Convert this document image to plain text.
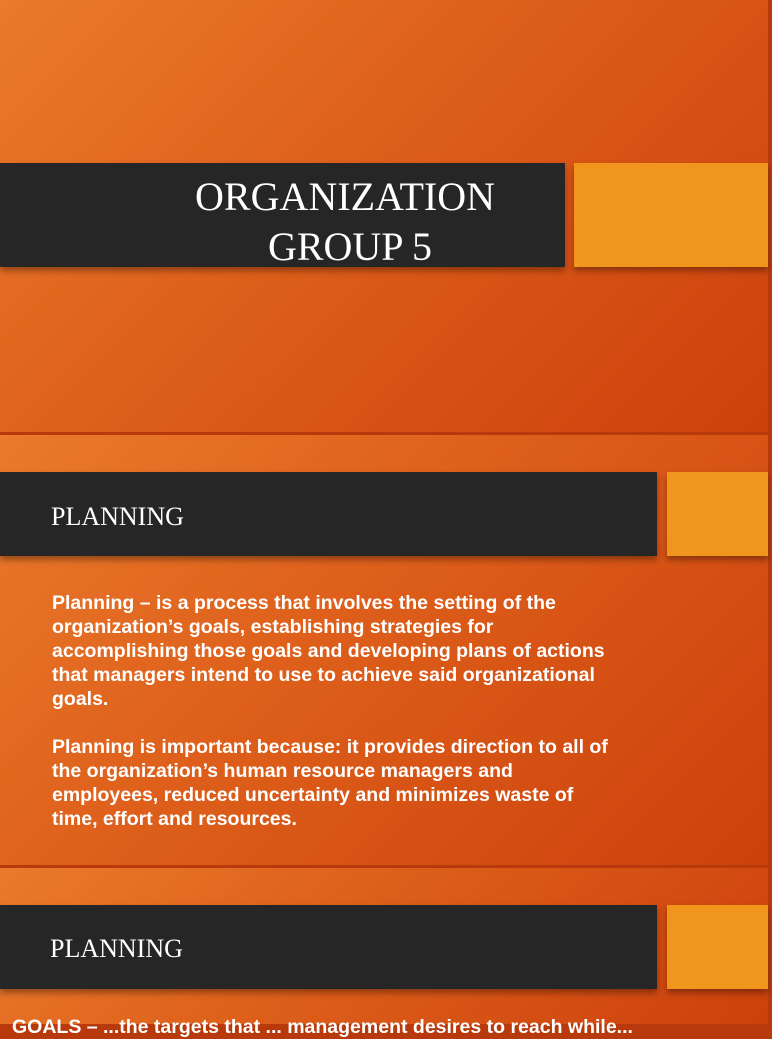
ORGANIZATION
GROUP 5
PLANNING

Planning – is a process that involves the setting of the organization’s goals, establishing strategies for accomplishing those goals and developing plans of actions that managers intend to use to achieve said organizational goals.

Planning is important because: it provides direction to all of the organization’s human resource managers and employees, reduced uncertainty and minimizes waste of time, effort and resources.

PLANNING
GOALS – ...the targets that ... management desires to reach while...
